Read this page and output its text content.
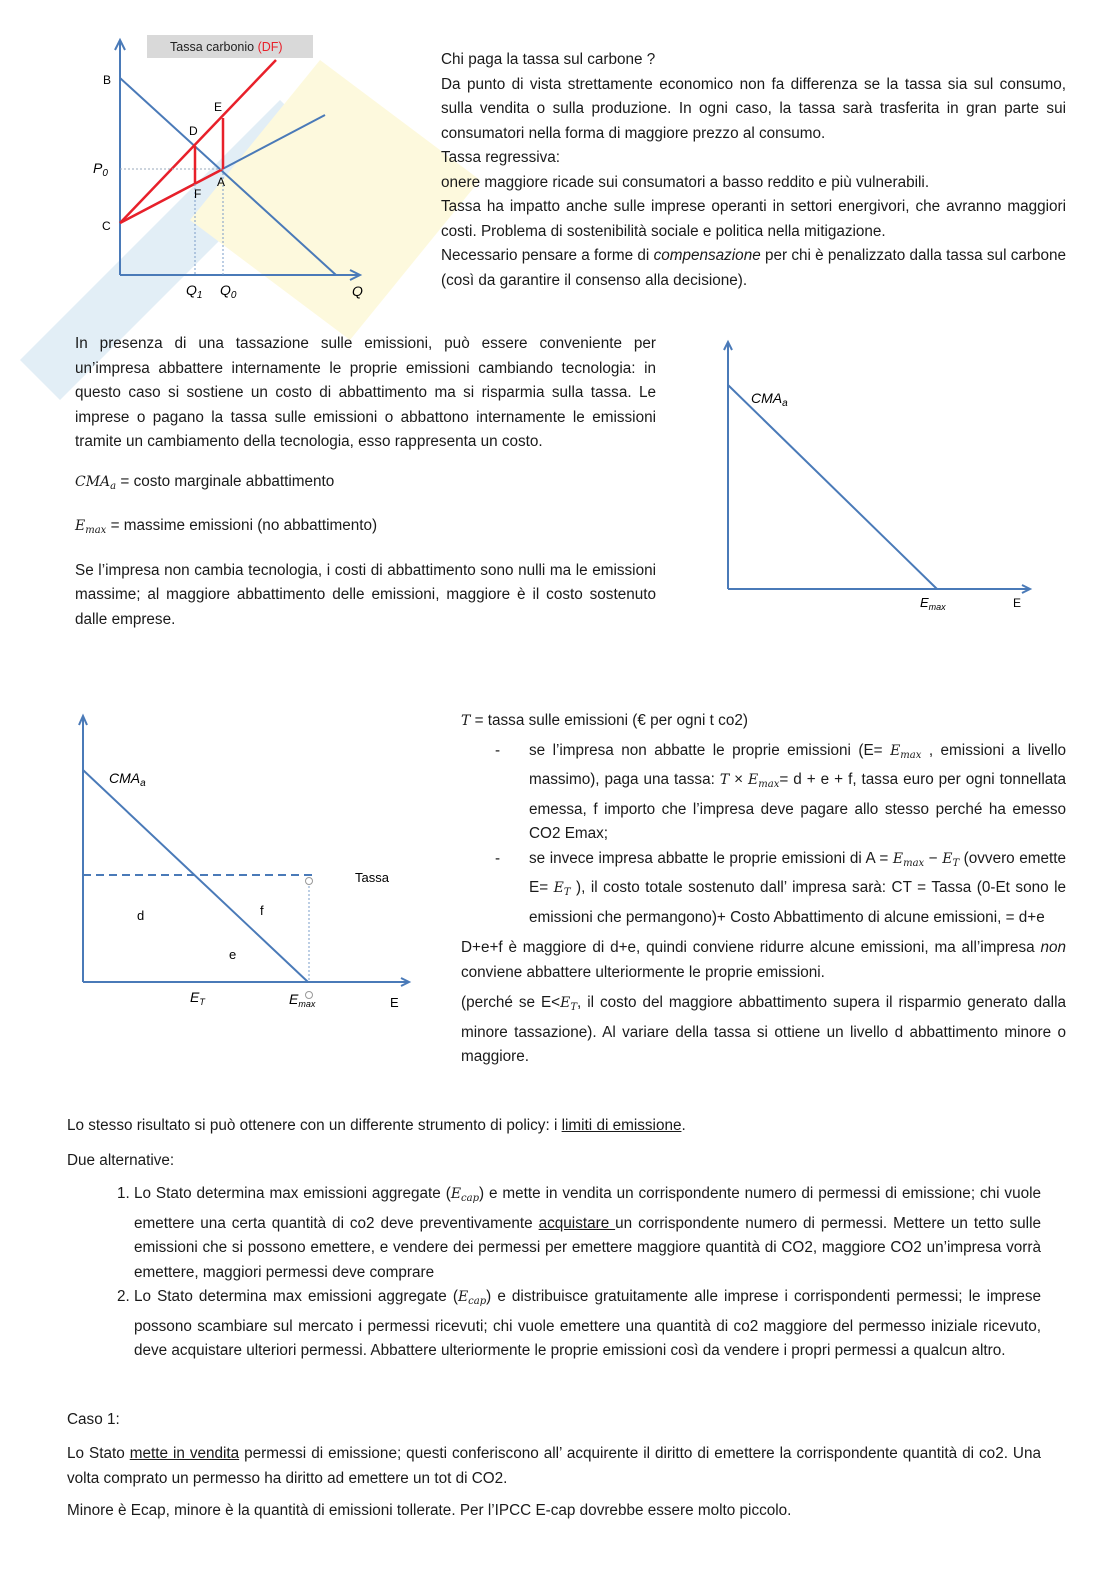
Tassa carbonio (DF)
B
E
D
$P_0$
A
F
C
$Q_1$ $Q_0$	Q

Chi paga la tassa sul carbone ?

Da punto di vista strettamente economico non fa differenza se la tassa sia sul consumo, sulla vendita o sulla produzione. In ogni caso, la tassa sarà trasferita in gran parte sui consumatori nella forma di maggiore prezzo al consumo.

Tassa regressiva:

onere maggiore ricade sui consumatori a basso reddito e più vulnerabili.

Tassa ha impatto anche sulle imprese operanti in settori energivori, che avranno maggiori costi. Problema di sostenibilità sociale e politica nella mitigazione.

Necessario pensare a forme di compensazione per chi è penalizzato dalla tassa sul carbone (così da garantire il consenso alla decisione).

In presenza di una tassazione sulle emissioni, può essere conveniente per un’impresa abbattere internamente le proprie emissioni cambiando tecnologia: in questo caso si sostiene un costo di abbattimento ma si risparmia sulla tassa. Le imprese o pagano la tassa sulle emissioni o abbattono internamente le emissioni tramite un cambiamento della tecnologia, esso rappresenta un costo.

CMAa = costo marginale abbattimento

Emax = massime emissioni (no abbattimento)

Se l’impresa non cambia tecnologia, i costi di abbattimento sono nulli ma le emissioni massime; al maggiore abbattimento delle emissioni, maggiore è il costo sostenuto dalle emprese.

$CMA_a$
$E_{max}$	E
$CMA_a$
Tassa
d	f
e
$E_T$	$E_{max}$	E

T = tassa sulle emissioni (€ per ogni t co2)

- se l’impresa non abbatte le proprie emissioni (E= Emax , emissioni a livello massimo), paga una tassa: T × Emax= d + e + f, tassa euro per ogni tonnellata emessa, f importo che l’impresa deve pagare allo stesso perché ha emesso CO2 Emax;
- se invece impresa abbatte le proprie emissioni di A = Emax − ET (ovvero emette E= ET ), il costo totale sostenuto dall’ impresa sarà: CT = Tassa (0-Et sono le emissioni che permangono)+ Costo Abbattimento di alcune emissioni, = d+e

D+e+f è maggiore di d+e, quindi conviene ridurre alcune emissioni, ma all’impresa non conviene abbattere ulteriormente le proprie emissioni.

(perché se E<ET, il costo del maggiore abbattimento supera il risparmio generato dalla minore tassazione). Al variare della tassa si ottiene un livello d abbattimento minore o maggiore.

Lo stesso risultato si può ottenere con un differente strumento di policy: i limiti di emissione.

Due alternative:

1. Lo Stato determina max emissioni aggregate (Ecap) e mette in vendita un corrispondente numero di permessi di emissione; chi vuole emettere una certa quantità di co2 deve preventivamente acquistare un corrispondente numero di permessi. Mettere un tetto sulle emissioni che si possono emettere, e vendere dei permessi per emettere maggiore quantità di CO2, maggiore CO2 un’impresa vorrà emettere, maggiori permessi deve comprare
2. Lo Stato determina max emissioni aggregate (Ecap) e distribuisce gratuitamente alle imprese i corrispondenti permessi; le imprese possono scambiare sul mercato i permessi ricevuti; chi vuole emettere una quantità di co2 maggiore del permesso iniziale ricevuto, deve acquistare ulteriori permessi. Abbattere ulteriormente le proprie emissioni così da vendere i propri permessi a qualcun altro.

Caso 1:

Lo Stato mette in vendita permessi di emissione; questi conferiscono all’ acquirente il diritto di emettere la corrispondente quantità di co2. Una volta comprato un permesso ha diritto ad emettere un tot di CO2.

Minore è Ecap, minore è la quantità di emissioni tollerate. Per l’IPCC E-cap dovrebbe essere molto piccolo.
